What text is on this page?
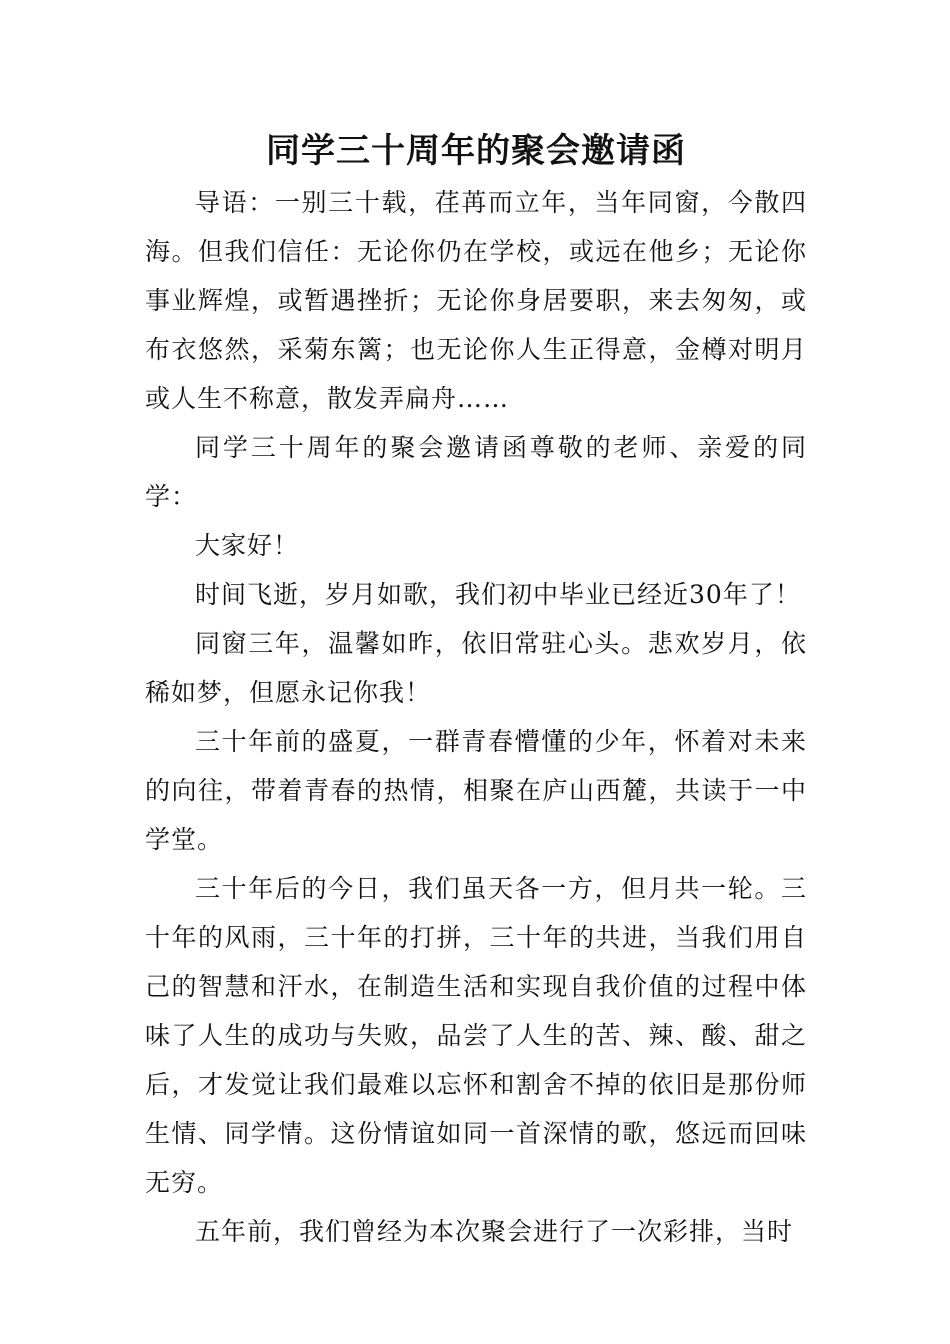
同学三十周年的聚会邀请函

导语：一别三十载，荏苒而立年，当年同窗，今散四海。但我们信任：无论你仍在学校，或远在他乡；无论你事业辉煌，或暂遇挫折；无论你身居要职，来去匆匆，或布衣悠然，采菊东篱；也无论你人生正得意，金樽对明月或人生不称意，散发弄扁舟……

同学三十周年的聚会邀请函尊敬的老师、亲爱的同学：

大家好！

时间飞逝，岁月如歌，我们初中毕业已经近30年了！

同窗三年，温馨如昨，依旧常驻心头。悲欢岁月，依稀如梦，但愿永记你我！

三十年前的盛夏，一群青春懵懂的少年，怀着对未来的向往，带着青春的热情，相聚在庐山西麓，共读于一中学堂。

三十年后的今日，我们虽天各一方，但月共一轮。三十年的风雨，三十年的打拼，三十年的共进，当我们用自己的智慧和汗水，在制造生活和实现自我价值的过程中体味了人生的成功与失败，品尝了人生的苦、辣、酸、甜之后，才发觉让我们最难以忘怀和割舍不掉的依旧是那份师生情、同学情。这份情谊如同一首深情的歌，悠远而回味无穷。

五年前，我们曾经为本次聚会进行了一次彩排，当时
